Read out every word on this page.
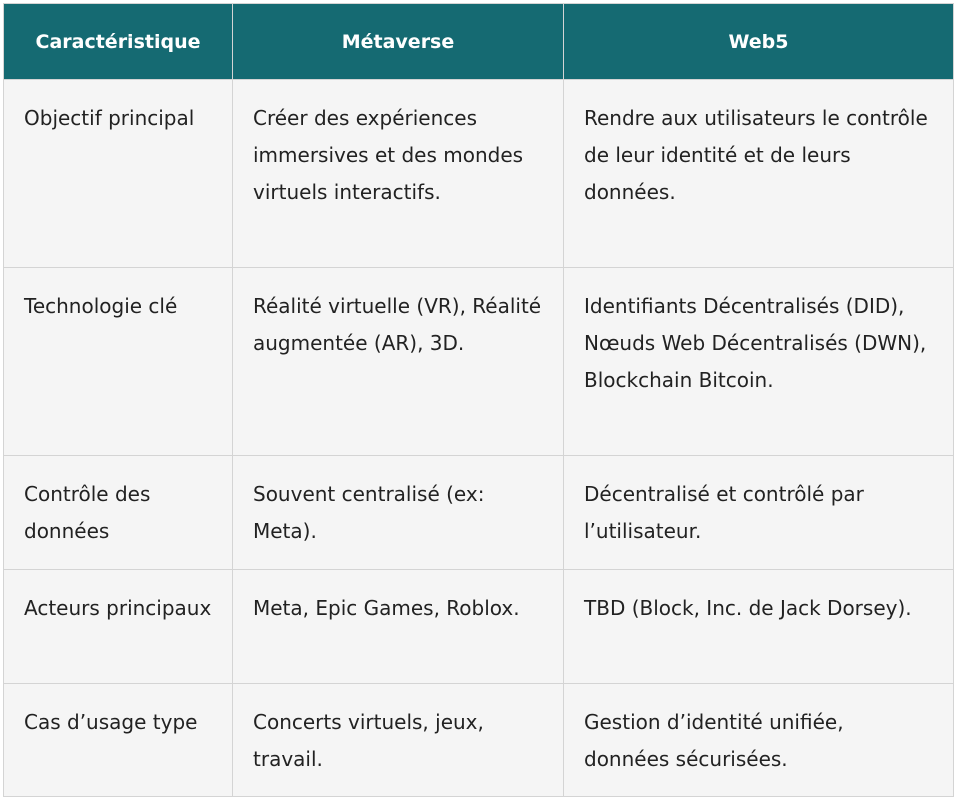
Caractéristique	Métaverse	Web5
Objectif principal	Créer des expériences immersives et des mondes virtuels interactifs.	Rendre aux utilisateurs le contrôle de leur identité et de leurs données.
Technologie clé	Réalité virtuelle (VR), Réalité augmentée (AR), 3D.	Identifiants Décentralisés (DID), Nœuds Web Décentralisés (DWN), Blockchain Bitcoin.
Contrôle des données	Souvent centralisé (ex: Meta).	Décentralisé et contrôlé par l’utilisateur.
Acteurs principaux	Meta, Epic Games, Roblox.	TBD (Block, Inc. de Jack Dorsey).
Cas d’usage type	Concerts virtuels, jeux, travail.	Gestion d’identité unifiée, données sécurisées.
